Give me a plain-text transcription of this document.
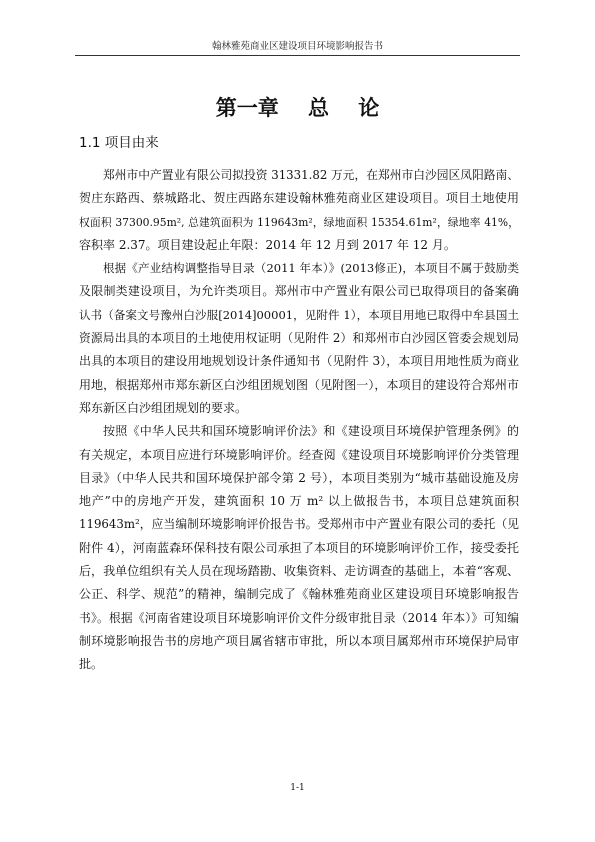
翰林雅苑商业区建设项目环境影响报告书
第一章    总    论
1.1 项目由来

郑州市中产置业有限公司拟投资 31331.82 万元，在郑州市白沙园区凤阳路南、
贺庄东路西、蔡城路北、贺庄西路东建设翰林雅苑商业区建设项目。项目土地使用
权面积 37300.95m², 总建筑面积为 119643m²，绿地面积 15354.61m²，绿地率 41%，
容积率 2.37。项目建设起止年限：2014 年 12 月到 2017 年 12 月。

根据《产业结构调整指导目录（2011 年本）》(2013修正)，本项目不属于鼓励类
及限制类建设项目，为允许类项目。郑州市中产置业有限公司已取得项目的备案确
认书（备案文号豫州白沙服[2014]00001，见附件 1），本项目用地已取得中牟县国土
资源局出具的本项目的土地使用权证明（见附件 2）和郑州市白沙园区管委会规划局
出具的本项目的建设用地规划设计条件通知书（见附件 3），本项目用地性质为商业
用地，根据郑州市郑东新区白沙组团规划图（见附图一），本项目的建设符合郑州市
郑东新区白沙组团规划的要求。

按照《中华人民共和国环境影响评价法》和《建设项目环境保护管理条例》的
有关规定，本项目应进行环境影响评价。经查阅《建设项目环境影响评价分类管理
目录》（中华人民共和国环境保护部令第 2 号），本项目类别为“城市基础设施及房
地产”中的房地产开发，建筑面积 10 万 m² 以上做报告书，本项目总建筑面积
119643m²，应当编制环境影响评价报告书。受郑州市中产置业有限公司的委托（见
附件 4），河南蓝森环保科技有限公司承担了本项目的环境影响评价工作，接受委托
后，我单位组织有关人员在现场踏勘、收集资料、走访调查的基础上，本着“客观、
公正、科学、规范”的精神，编制完成了《翰林雅苑商业区建设项目环境影响报告
书》。根据《河南省建设项目环境影响评价文件分级审批目录（2014 年本）》可知编
制环境影响报告书的房地产项目属省辖市审批，所以本项目属郑州市环境保护局审
批。

1-1
